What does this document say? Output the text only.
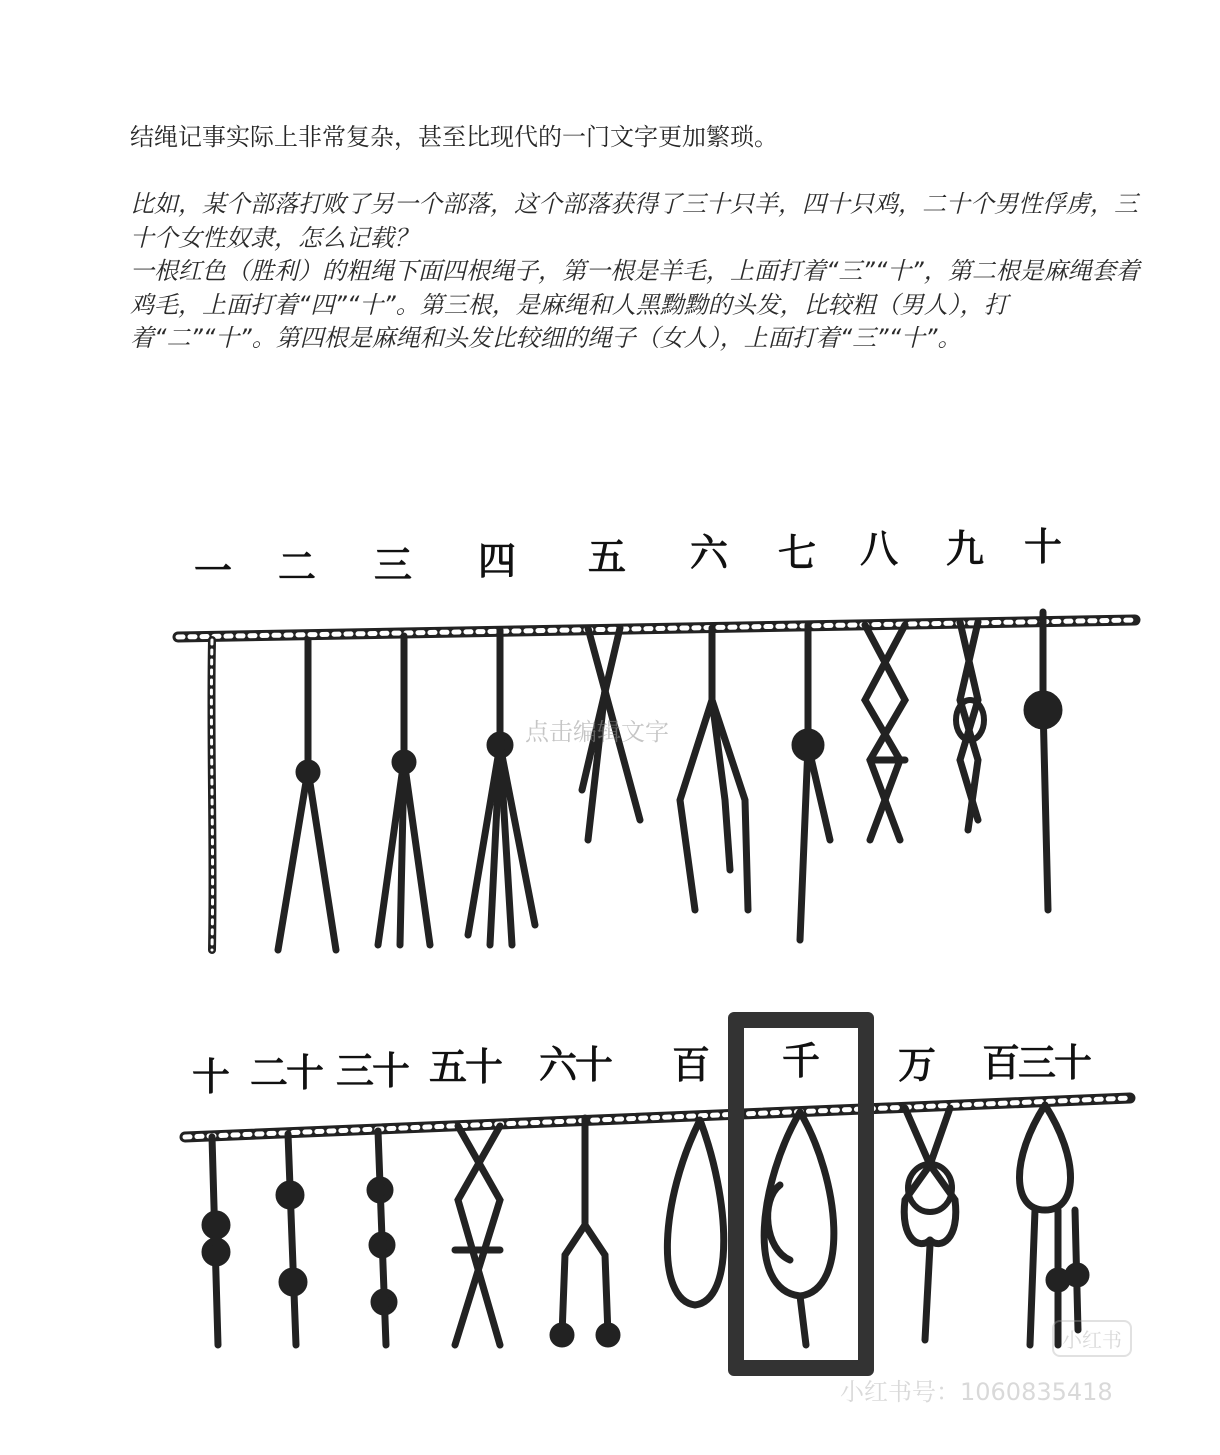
结绳记事实际上非常复杂，甚至比现代的一门文字更加繁琐。

比如，某个部落打败了另一个部落，这个部落获得了三十只羊，四十只鸡，二十个男性俘虏，三十个女性奴隶，怎么记载？

一根红色（胜利）的粗绳下面四根绳子，第一根是羊毛，上面打着“三”“十”，第二根是麻绳套着鸡毛，上面打着“四”“十”。第三根，是麻绳和人黑黝黝的头发，比较粗（男人），打着“二”“十”。第四根是麻绳和头发比较细的绳子（女人），上面打着“三”“十”。

一 二 三 四 五 六 七 八 九 十
十 二十 三十 五十 六十 百 千 万 百三十
点击编辑文字
小红书
小红书号：1060835418
